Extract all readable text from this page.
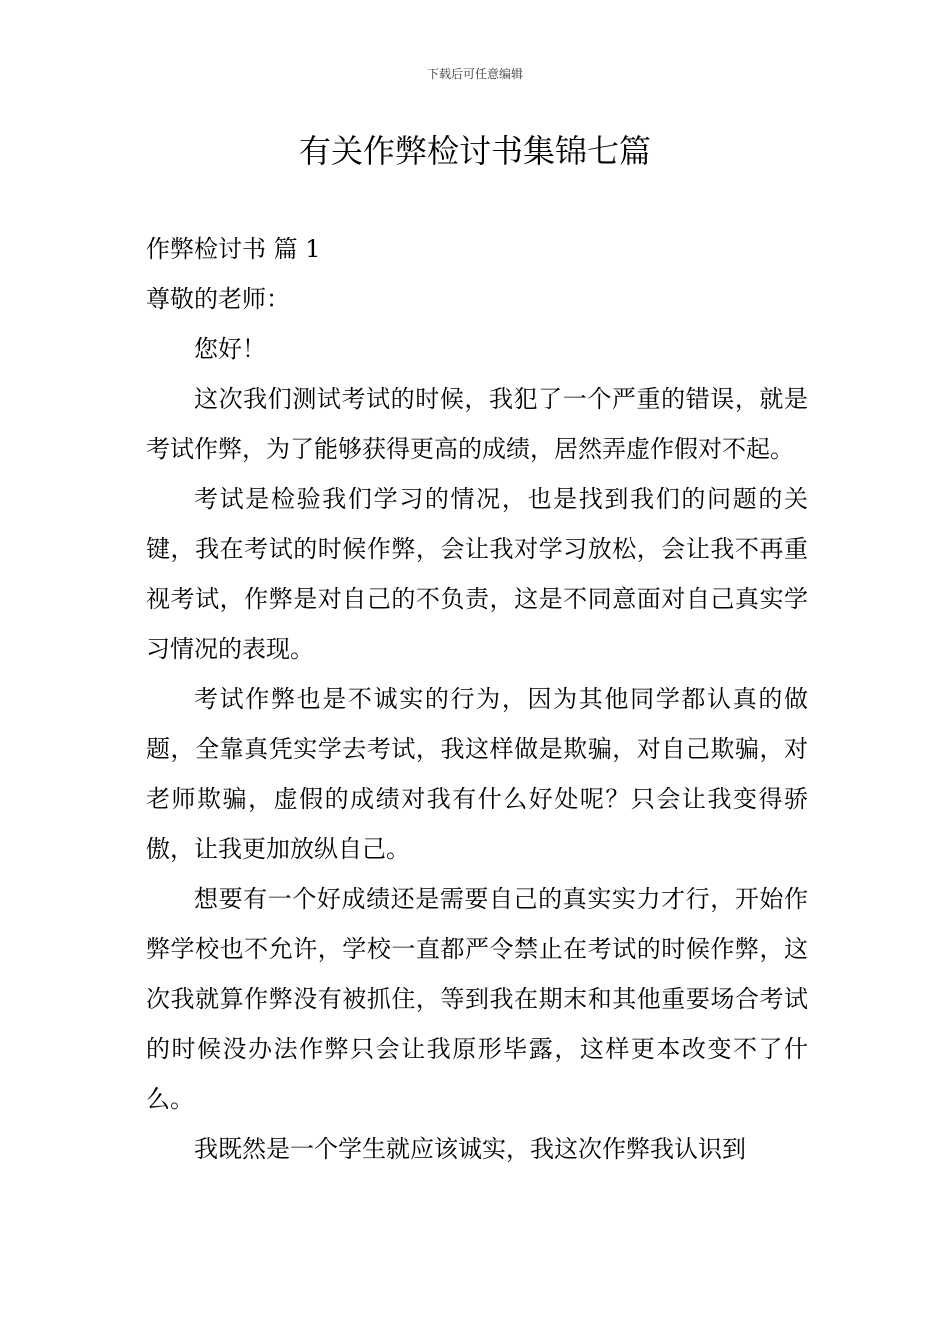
下载后可任意编辑
有关作弊检讨书集锦七篇

作弊检讨书 篇 1

尊敬的老师：

您好！

这次我们测试考试的时候，我犯了一个严重的错误，就是考试作弊，为了能够获得更高的成绩，居然弄虚作假对不起。

考试是检验我们学习的情况，也是找到我们的问题的关键，我在考试的时候作弊，会让我对学习放松，会让我不再重视考试，作弊是对自己的不负责，这是不同意面对自己真实学习情况的表现。

考试作弊也是不诚实的行为，因为其他同学都认真的做题，全靠真凭实学去考试，我这样做是欺骗，对自己欺骗，对老师欺骗，虚假的成绩对我有什么好处呢？只会让我变得骄傲，让我更加放纵自己。

想要有一个好成绩还是需要自己的真实实力才行，开始作弊学校也不允许，学校一直都严令禁止在考试的时候作弊，这次我就算作弊没有被抓住，等到我在期末和其他重要场合考试的时候没办法作弊只会让我原形毕露，这样更本改变不了什么。

我既然是一个学生就应该诚实，我这次作弊我认识到
